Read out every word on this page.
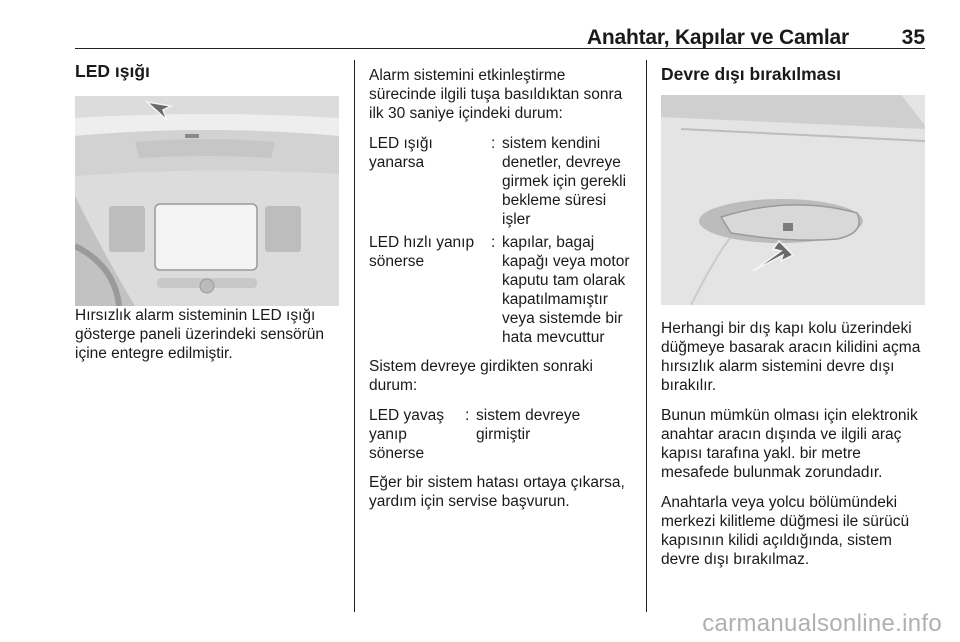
Anahtar, Kapılar ve Camlar	35
LED ışığı

Hırsızlık alarm sisteminin LED ışığı gösterge paneli üzerindeki sensörün içine entegre edilmiştir.

Alarm sistemini etkinleştirme sürecinde ilgili tuşa basıldıktan sonra ilk 30 saniye içindeki durum:

LED ışığı yanarsa
: sistem kendini denetler, devreye girmek için gerekli bekleme süresi işler
LED hızlı yanıp sönerse
: kapılar, bagaj kapağı veya motor kaputu tam olarak kapatılmamıştır veya sistemde bir hata mevcuttur

Sistem devreye girdikten sonraki durum:

LED yavaş yanıp sönerse
: sistem devreye girmiştir

Eğer bir sistem hatası ortaya çıkarsa, yardım için servise başvurun.

Devre dışı bırakılması

Herhangi bir dış kapı kolu üzerindeki düğmeye basarak aracın kilidini açma hırsızlık alarm sistemini devre dışı bırakılır.

Bunun mümkün olması için elektronik anahtar aracın dışında ve ilgili araç kapısı tarafına yakl. bir metre mesafede bulunmak zorundadır.

Anahtarla veya yolcu bölümündeki merkezi kilitleme düğmesi ile sürücü kapısının kilidi açıldığında, sistem devre dışı bırakılmaz.

carmanualsonline.info
